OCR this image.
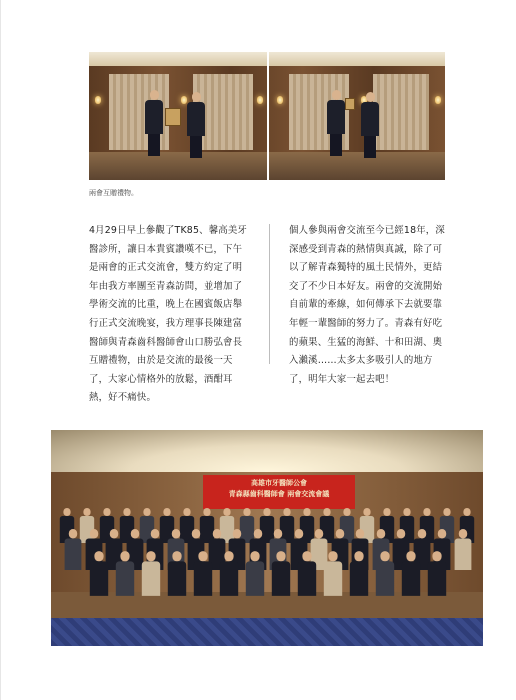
兩會互贈禮物。

4月29日早上參觀了TK85、馨高美牙醫診所，讓日本貴賓讚嘆不已，下午是兩會的正式交流會，雙方約定了明年由我方率團至青森訪問，並增加了學術交流的比重，晚上在國賓飯店舉行正式交流晚宴，我方理事長陳建富醫師與青森齒科醫師會山口勝弘會長互贈禮物，由於是交流的最後一天了，大家心情格外的放鬆，酒酣耳熱，好不痛快。

個人參與兩會交流至今已經18年，深深感受到青森的熱情與真誠，除了可以了解青森獨特的風土民情外，更結交了不少日本好友。兩會的交流開始自前輩的牽線，如何傳承下去就要靠年輕一輩醫師的努力了。青森有好吃的蘋果、生猛的海鮮、十和田湖、奧入瀨溪……太多太多吸引人的地方了，明年大家一起去吧！

高雄市牙醫師公會
青森縣齒科醫師會 兩會交流會議
